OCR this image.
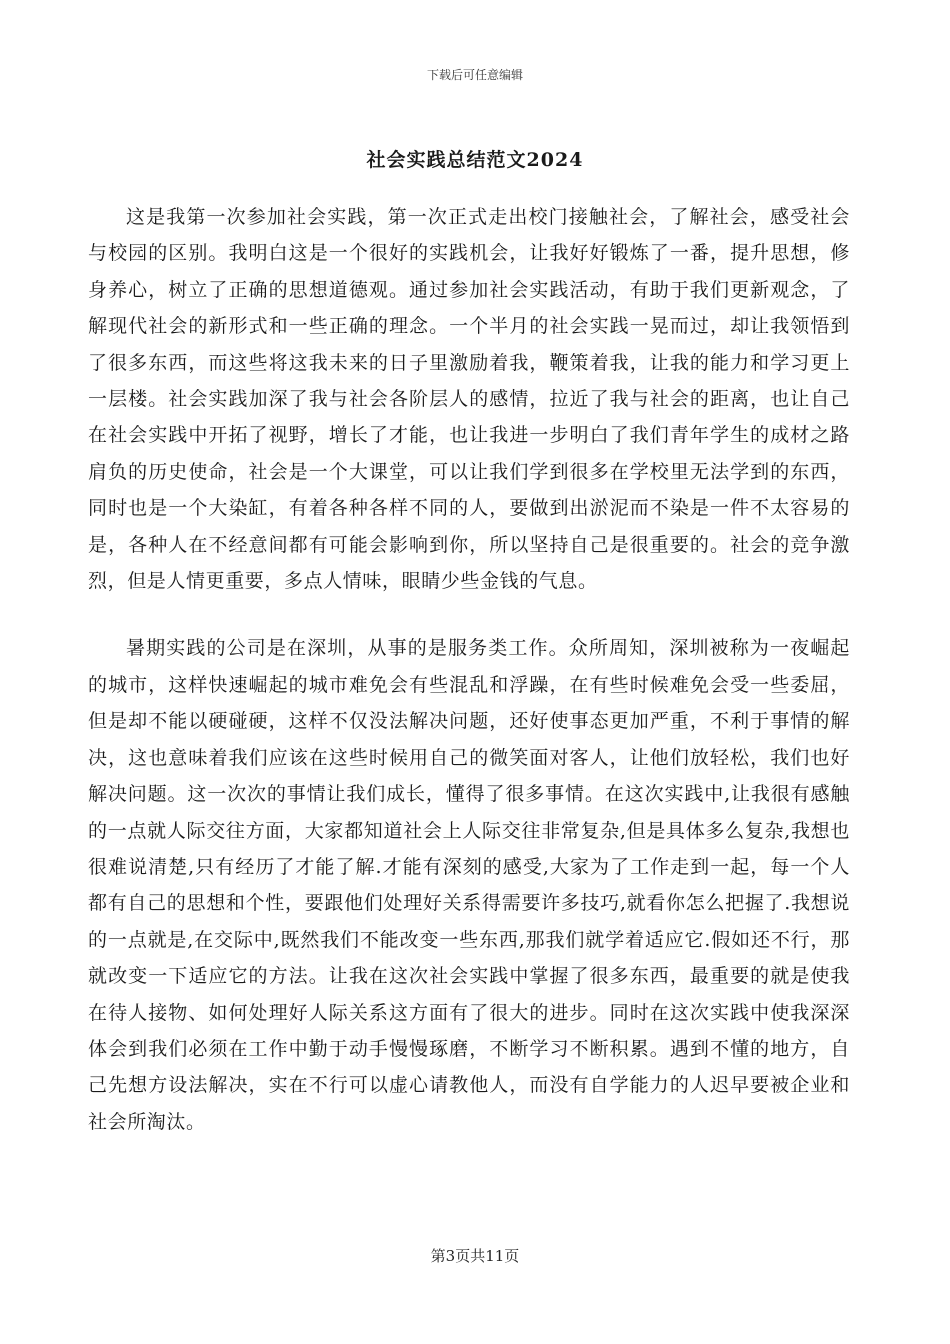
下载后可任意编辑
社会实践总结范文2024

这是我第一次参加社会实践，第一次正式走出校门接触社会，了解社会，感受社会与校园的区别。我明白这是一个很好的实践机会，让我好好锻炼了一番，提升思想，修身养心，树立了正确的思想道德观。通过参加社会实践活动，有助于我们更新观念，了解现代社会的新形式和一些正确的理念。一个半月的社会实践一晃而过，却让我领悟到了很多东西，而这些将这我未来的日子里激励着我，鞭策着我，让我的能力和学习更上一层楼。社会实践加深了我与社会各阶层人的感情，拉近了我与社会的距离，也让自己在社会实践中开拓了视野，增长了才能，也让我进一步明白了我们青年学生的成材之路肩负的历史使命，社会是一个大课堂，可以让我们学到很多在学校里无法学到的东西，同时也是一个大染缸，有着各种各样不同的人，要做到出淤泥而不染是一件不太容易的是，各种人在不经意间都有可能会影响到你，所以坚持自己是很重要的。社会的竞争激烈，但是人情更重要，多点人情味，眼睛少些金钱的气息。

暑期实践的公司是在深圳，从事的是服务类工作。众所周知，深圳被称为一夜崛起的城市，这样快速崛起的城市难免会有些混乱和浮躁，在有些时候难免会受一些委屈，但是却不能以硬碰硬，这样不仅没法解决问题，还好使事态更加严重，不利于事情的解决，这也意味着我们应该在这些时候用自己的微笑面对客人，让他们放轻松，我们也好解决问题。这一次次的事情让我们成长，懂得了很多事情。在这次实践中,让我很有感触的一点就人际交往方面，大家都知道社会上人际交往非常复杂,但是具体多么复杂,我想也很难说清楚,只有经历了才能了解.才能有深刻的感受,大家为了工作走到一起，每一个人都有自己的思想和个性，要跟他们处理好关系得需要许多技巧,就看你怎么把握了.我想说的一点就是,在交际中,既然我们不能改变一些东西,那我们就学着适应它.假如还不行，那就改变一下适应它的方法。让我在这次社会实践中掌握了很多东西，最重要的就是使我在待人接物、如何处理好人际关系这方面有了很大的进步。同时在这次实践中使我深深体会到我们必须在工作中勤于动手慢慢琢磨，不断学习不断积累。遇到不懂的地方，自己先想方设法解决，实在不行可以虚心请教他人，而没有自学能力的人迟早要被企业和社会所淘汰。

第3页共11页
